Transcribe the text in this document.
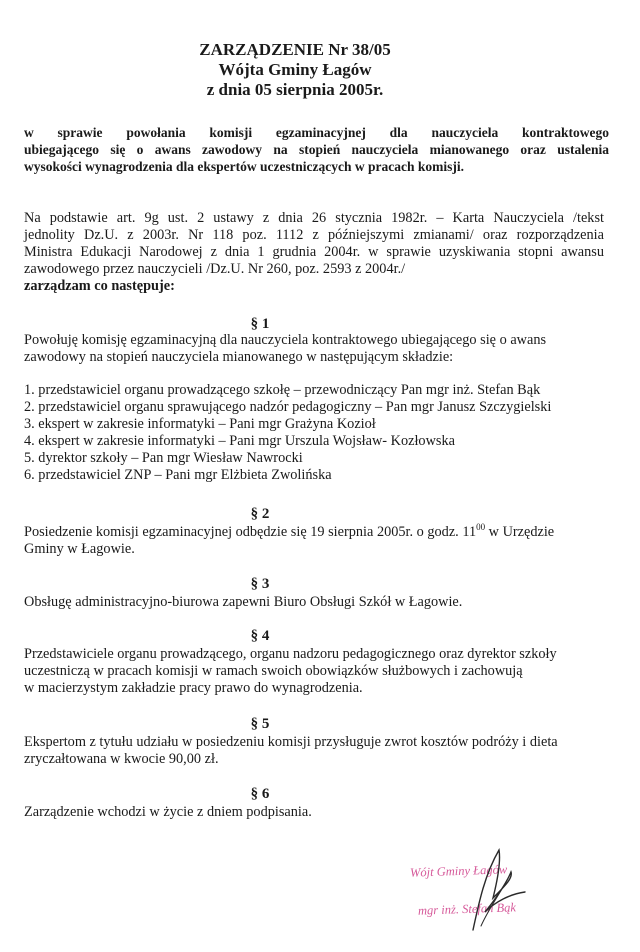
ZARZĄDZENIE Nr 38/05
Wójta Gminy Łagów
z dnia 05 sierpnia 2005r.
w sprawie powołania komisji egzaminacyjnej dla nauczyciela kontraktowego
ubiegającego się o awans zawodowy na stopień nauczyciela mianowanego oraz ustalenia
wysokości wynagrodzenia dla ekspertów uczestniczących w pracach komisji.
Na podstawie art. 9g ust. 2 ustawy z dnia 26 stycznia 1982r. – Karta Nauczyciela /tekst
jednolity Dz.U. z 2003r. Nr 118 poz. 1112 z późniejszymi zmianami/ oraz rozporządzenia
Ministra Edukacji Narodowej z dnia 1 grudnia 2004r. w sprawie uzyskiwania stopni awansu
zawodowego przez nauczycieli /Dz.U. Nr 260, poz. 2593 z 2004r./
zarządzam co następuje:
§ 1
Powołuję komisję egzaminacyjną dla nauczyciela kontraktowego ubiegającego się o awans
zawodowy na stopień nauczyciela mianowanego w następującym składzie:
1. przedstawiciel organu prowadzącego szkołę – przewodniczący Pan mgr inż. Stefan Bąk
2. przedstawiciel organu sprawującego nadzór pedagogiczny – Pan mgr Janusz Szczygielski
3. ekspert w zakresie informatyki – Pani mgr Grażyna Kozioł
4. ekspert w zakresie informatyki – Pani mgr Urszula Wojsław- Kozłowska
5. dyrektor szkoły – Pan mgr Wiesław Nawrocki
6. przedstawiciel ZNP – Pani mgr Elżbieta Zwolińska
§ 2
Posiedzenie komisji egzaminacyjnej odbędzie się 19 sierpnia 2005r. o godz. $11^{00}$ w Urzędzie
Gminy w Łagowie.
§ 3
Obsługę administracyjno-biurowa zapewni Biuro Obsługi Szkół w Łagowie.
§ 4
Przedstawiciele organu prowadzącego, organu nadzoru pedagogicznego oraz dyrektor szkoły
uczestniczą w pracach komisji w ramach swoich obowiązków służbowych i zachowują
w macierzystym zakładzie pracy prawo do wynagrodzenia.
§ 5
Ekspertom z tytułu udziału w posiedzeniu komisji przysługuje zwrot kosztów podróży i dieta
zryczałtowana w kwocie 90,00 zł.
§ 6
Zarządzenie wchodzi w życie z dniem podpisania.
Wójt Gminy Łagów
mgr inż. Stefan Bąk
